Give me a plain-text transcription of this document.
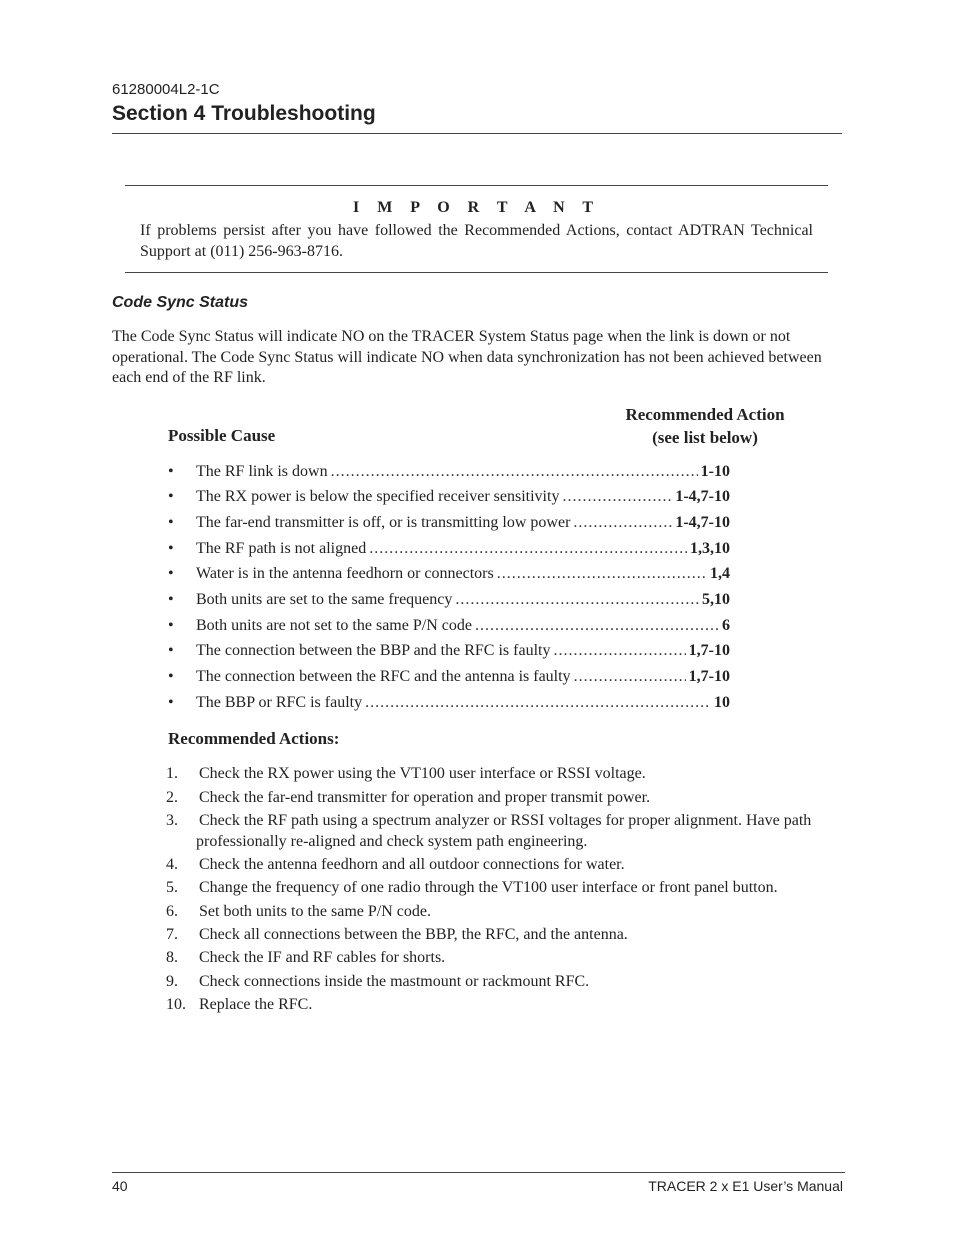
61280004L2-1C
Section 4 Troubleshooting
I M P O R T A N T
If problems persist after you have followed the Recommended Actions, contact ADTRAN Technical Support at (011) 256-963-8716.
Code Sync Status
The Code Sync Status will indicate NO on the TRACER System Status page when the link is down or not operational. The Code Sync Status will indicate NO when data synchronization has not been achieved between each end of the RF link.
Possible Cause
Recommended Action
(see list below)
•	The RF link is down .....	1-10
•	The RX power is below the specified receiver sensitivity .....	1-4,7-10
•	The far-end transmitter is off, or is transmitting low power .....	1-4,7-10
•	The RF path is not aligned .....	1,3,10
•	Water is in the antenna feedhorn or connectors .....	1,4
•	Both units are set to the same frequency .....	5,10
•	Both units are not set to the same P/N code .....	6
•	The connection between the BBP and the RFC is faulty .....	1,7-10
•	The connection between the RFC and the antenna is faulty .....	1,7-10
•	The BBP or RFC is faulty .....	10
Recommended Actions:
1.	Check the RX power using the VT100 user interface or RSSI voltage.
2.	Check the far-end transmitter for operation and proper transmit power.
3.	Check the RF path using a spectrum analyzer or RSSI voltages for proper alignment. Have path professionally re-aligned and check system path engineering.
4.	Check the antenna feedhorn and all outdoor connections for water.
5.	Change the frequency of one radio through the VT100 user interface or front panel button.
6.	Set both units to the same P/N code.
7.	Check all connections between the BBP, the RFC, and the antenna.
8.	Check the IF and RF cables for shorts.
9.	Check connections inside the mastmount or rackmount RFC.
10. Replace the RFC.
40	TRACER 2 x E1 User’s Manual
